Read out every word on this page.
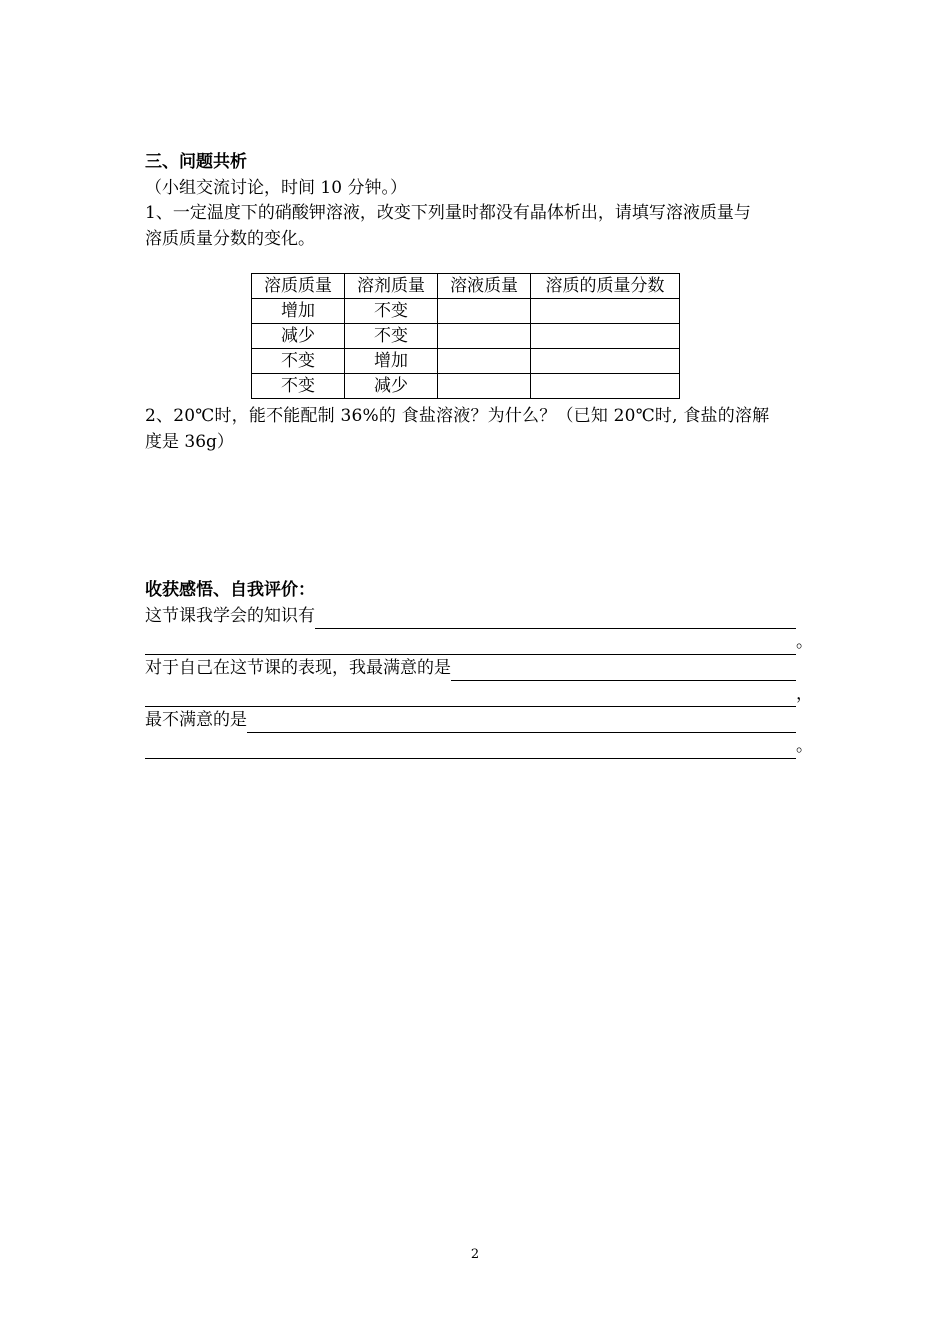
三、问题共析
（小组交流讨论，时间 10 分钟。）
1、一定温度下的硝酸钾溶液，改变下列量时都没有晶体析出，请填写溶液质量与
溶质质量分数的变化。
溶质质量	溶剂质量	溶液质量	溶质的质量分数
增加	不变		
减少	不变		
不变	增加		
不变	减少		
2、20℃时，能不能配制 36%的 食盐溶液？为什么？（已知 20℃时, 食盐的溶解
度是 36g）
收获感悟、自我评价：
这节课我学会的知识有
。
对于自己在这节课的表现，我最满意的是
，
最不满意的是
。
2
